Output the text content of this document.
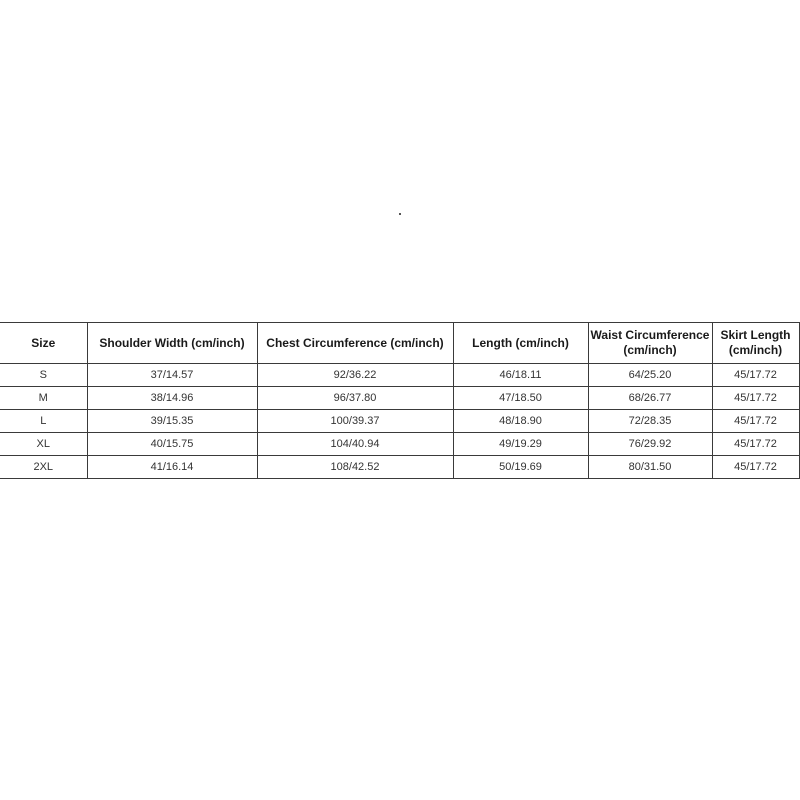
Size	Shoulder Width (cm/inch)	Chest Circumference (cm/inch)	Length (cm/inch)	Waist Circumference (cm/inch)	Skirt Length (cm/inch)
S	37/14.57	92/36.22	46/18.11	64/25.20	45/17.72
M	38/14.96	96/37.80	47/18.50	68/26.77	45/17.72
L	39/15.35	100/39.37	48/18.90	72/28.35	45/17.72
XL	40/15.75	104/40.94	49/19.29	76/29.92	45/17.72
2XL	41/16.14	108/42.52	50/19.69	80/31.50	45/17.72
